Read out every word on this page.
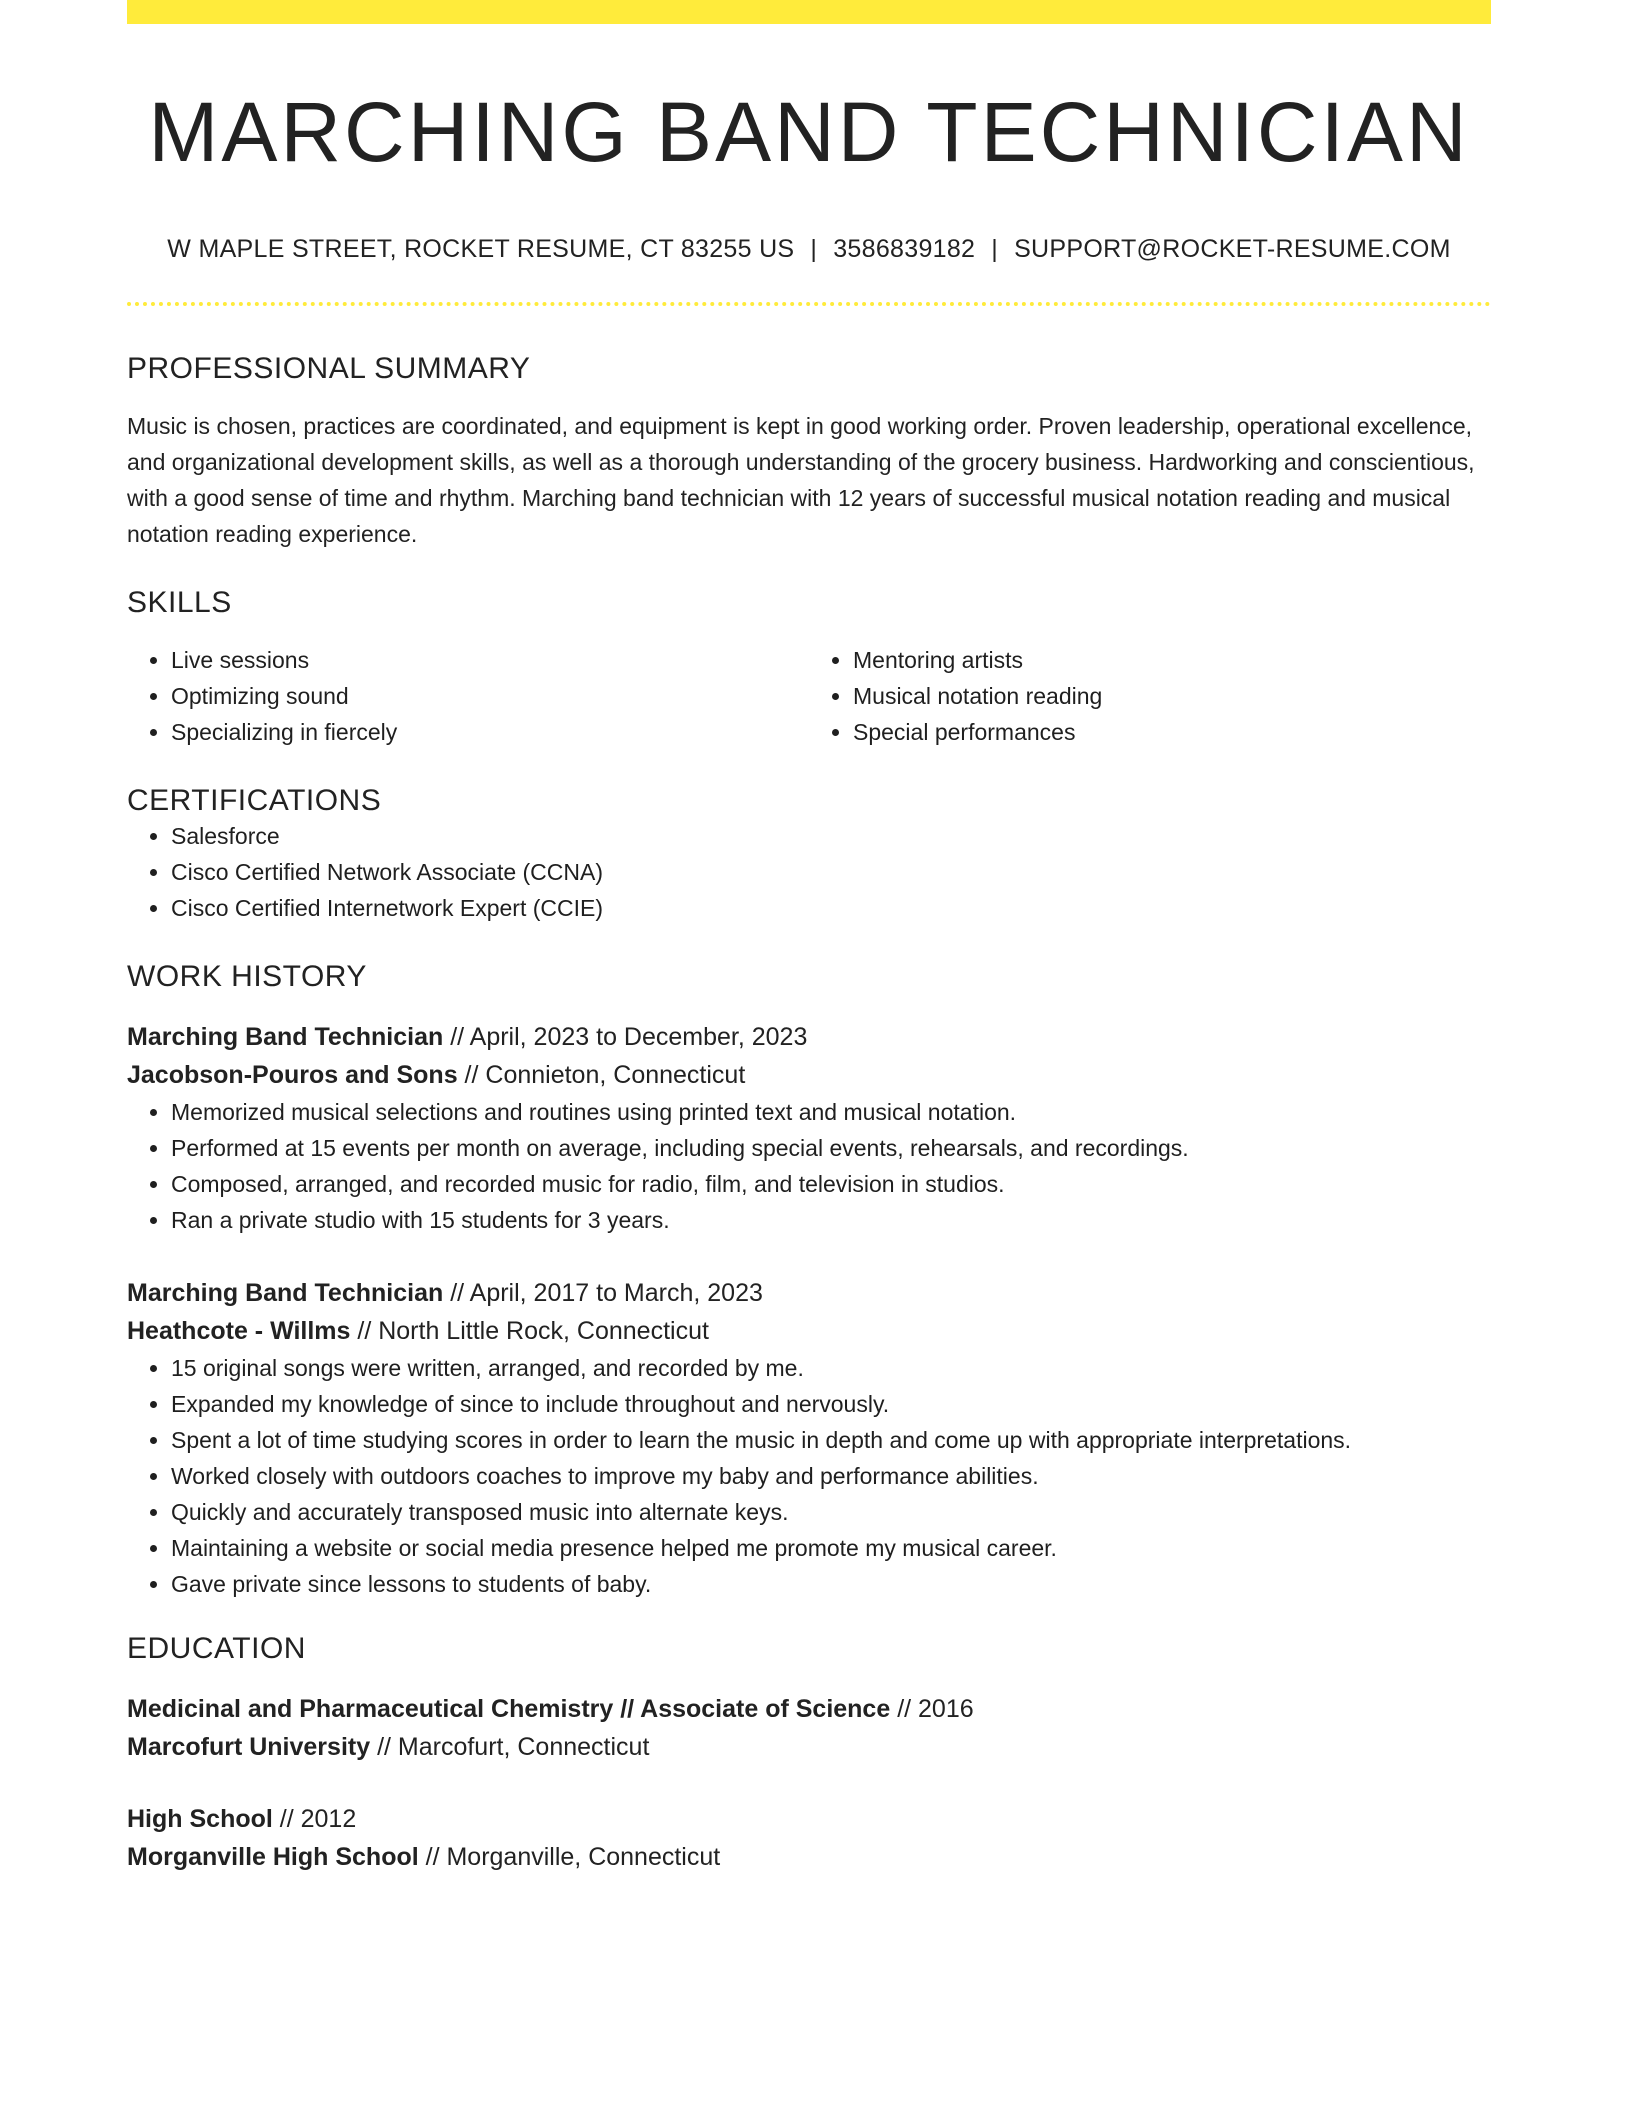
MARCHING BAND TECHNICIAN
W MAPLE STREET, ROCKET RESUME, CT 83255 US | 3586839182 | SUPPORT@ROCKET-RESUME.COM
PROFESSIONAL SUMMARY
Music is chosen, practices are coordinated, and equipment is kept in good working order. Proven leadership, operational excellence, and organizational development skills, as well as a thorough understanding of the grocery business. Hardworking and conscientious, with a good sense of time and rhythm. Marching band technician with 12 years of successful musical notation reading and musical notation reading experience.
SKILLS
• Live sessions
• Optimizing sound
• Specializing in fiercely
• Mentoring artists
• Musical notation reading
• Special performances
CERTIFICATIONS
• Salesforce
• Cisco Certified Network Associate (CCNA)
• Cisco Certified Internetwork Expert (CCIE)
WORK HISTORY
Marching Band Technician // April, 2023 to December, 2023
Jacobson-Pouros and Sons // Connieton, Connecticut
• Memorized musical selections and routines using printed text and musical notation.
• Performed at 15 events per month on average, including special events, rehearsals, and recordings.
• Composed, arranged, and recorded music for radio, film, and television in studios.
• Ran a private studio with 15 students for 3 years.
Marching Band Technician // April, 2017 to March, 2023
Heathcote - Willms // North Little Rock, Connecticut
• 15 original songs were written, arranged, and recorded by me.
• Expanded my knowledge of since to include throughout and nervously.
• Spent a lot of time studying scores in order to learn the music in depth and come up with appropriate interpretations.
• Worked closely with outdoors coaches to improve my baby and performance abilities.
• Quickly and accurately transposed music into alternate keys.
• Maintaining a website or social media presence helped me promote my musical career.
• Gave private since lessons to students of baby.
EDUCATION
Medicinal and Pharmaceutical Chemistry // Associate of Science // 2016
Marcofurt University // Marcofurt, Connecticut
High School // 2012
Morganville High School // Morganville, Connecticut
